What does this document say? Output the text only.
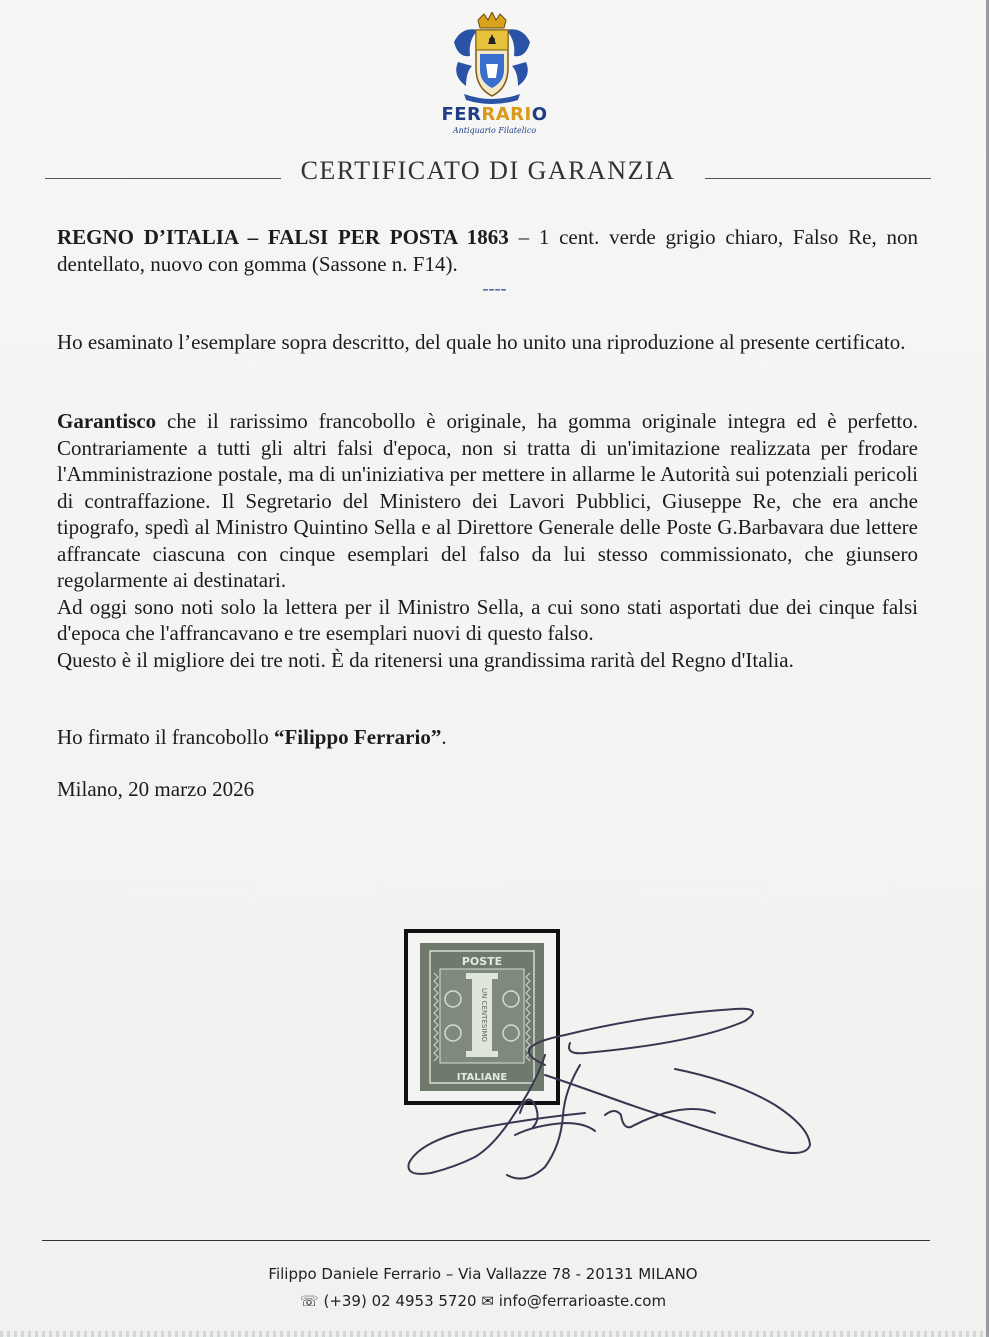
FERRARIO
Antiquario Filatelico
CERTIFICATO DI GARANZIA
REGNO D’ITALIA – FALSI PER POSTA 1863 – 1 cent. verde grigio chiaro, Falso Re, non dentellato, nuovo con gomma (Sassone n. F14).
----
Ho esaminato l’esemplare sopra descritto, del quale ho unito una riproduzione al presente certificato.
Garantisco che il rarissimo francobollo è originale, ha gomma originale integra ed è perfetto. Contrariamente a tutti gli altri falsi d'epoca, non si tratta di un'imitazione realizzata per frodare l'Amministrazione postale, ma di un'iniziativa per mettere in allarme le Autorità sui potenziali pericoli di contraffazione. Il Segretario del Ministero dei Lavori Pubblici, Giuseppe Re, che era anche tipografo, spedì al Ministro Quintino Sella e al Direttore Generale delle Poste G.Barbavara due lettere affrancate ciascuna con cinque esemplari del falso da lui stesso commissionato, che giunsero regolarmente ai destinatari.
Ad oggi sono noti solo la lettera per il Ministro Sella, a cui sono stati asportati due dei cinque falsi d'epoca che l'affrancavano e tre esemplari nuovi di questo falso.
Questo è il migliore dei tre noti. È da ritenersi una grandissima rarità del Regno d'Italia.
Ho firmato il francobollo “Filippo Ferrario”.
Milano, 20 marzo 2026
POSTE
ITALIANE
UN CENTESIMO
Filippo Daniele Ferrario – Via Vallazze 78 - 20131 MILANO
☏ (+39) 02 4953 5720 ✉ info@ferrarioaste.com
